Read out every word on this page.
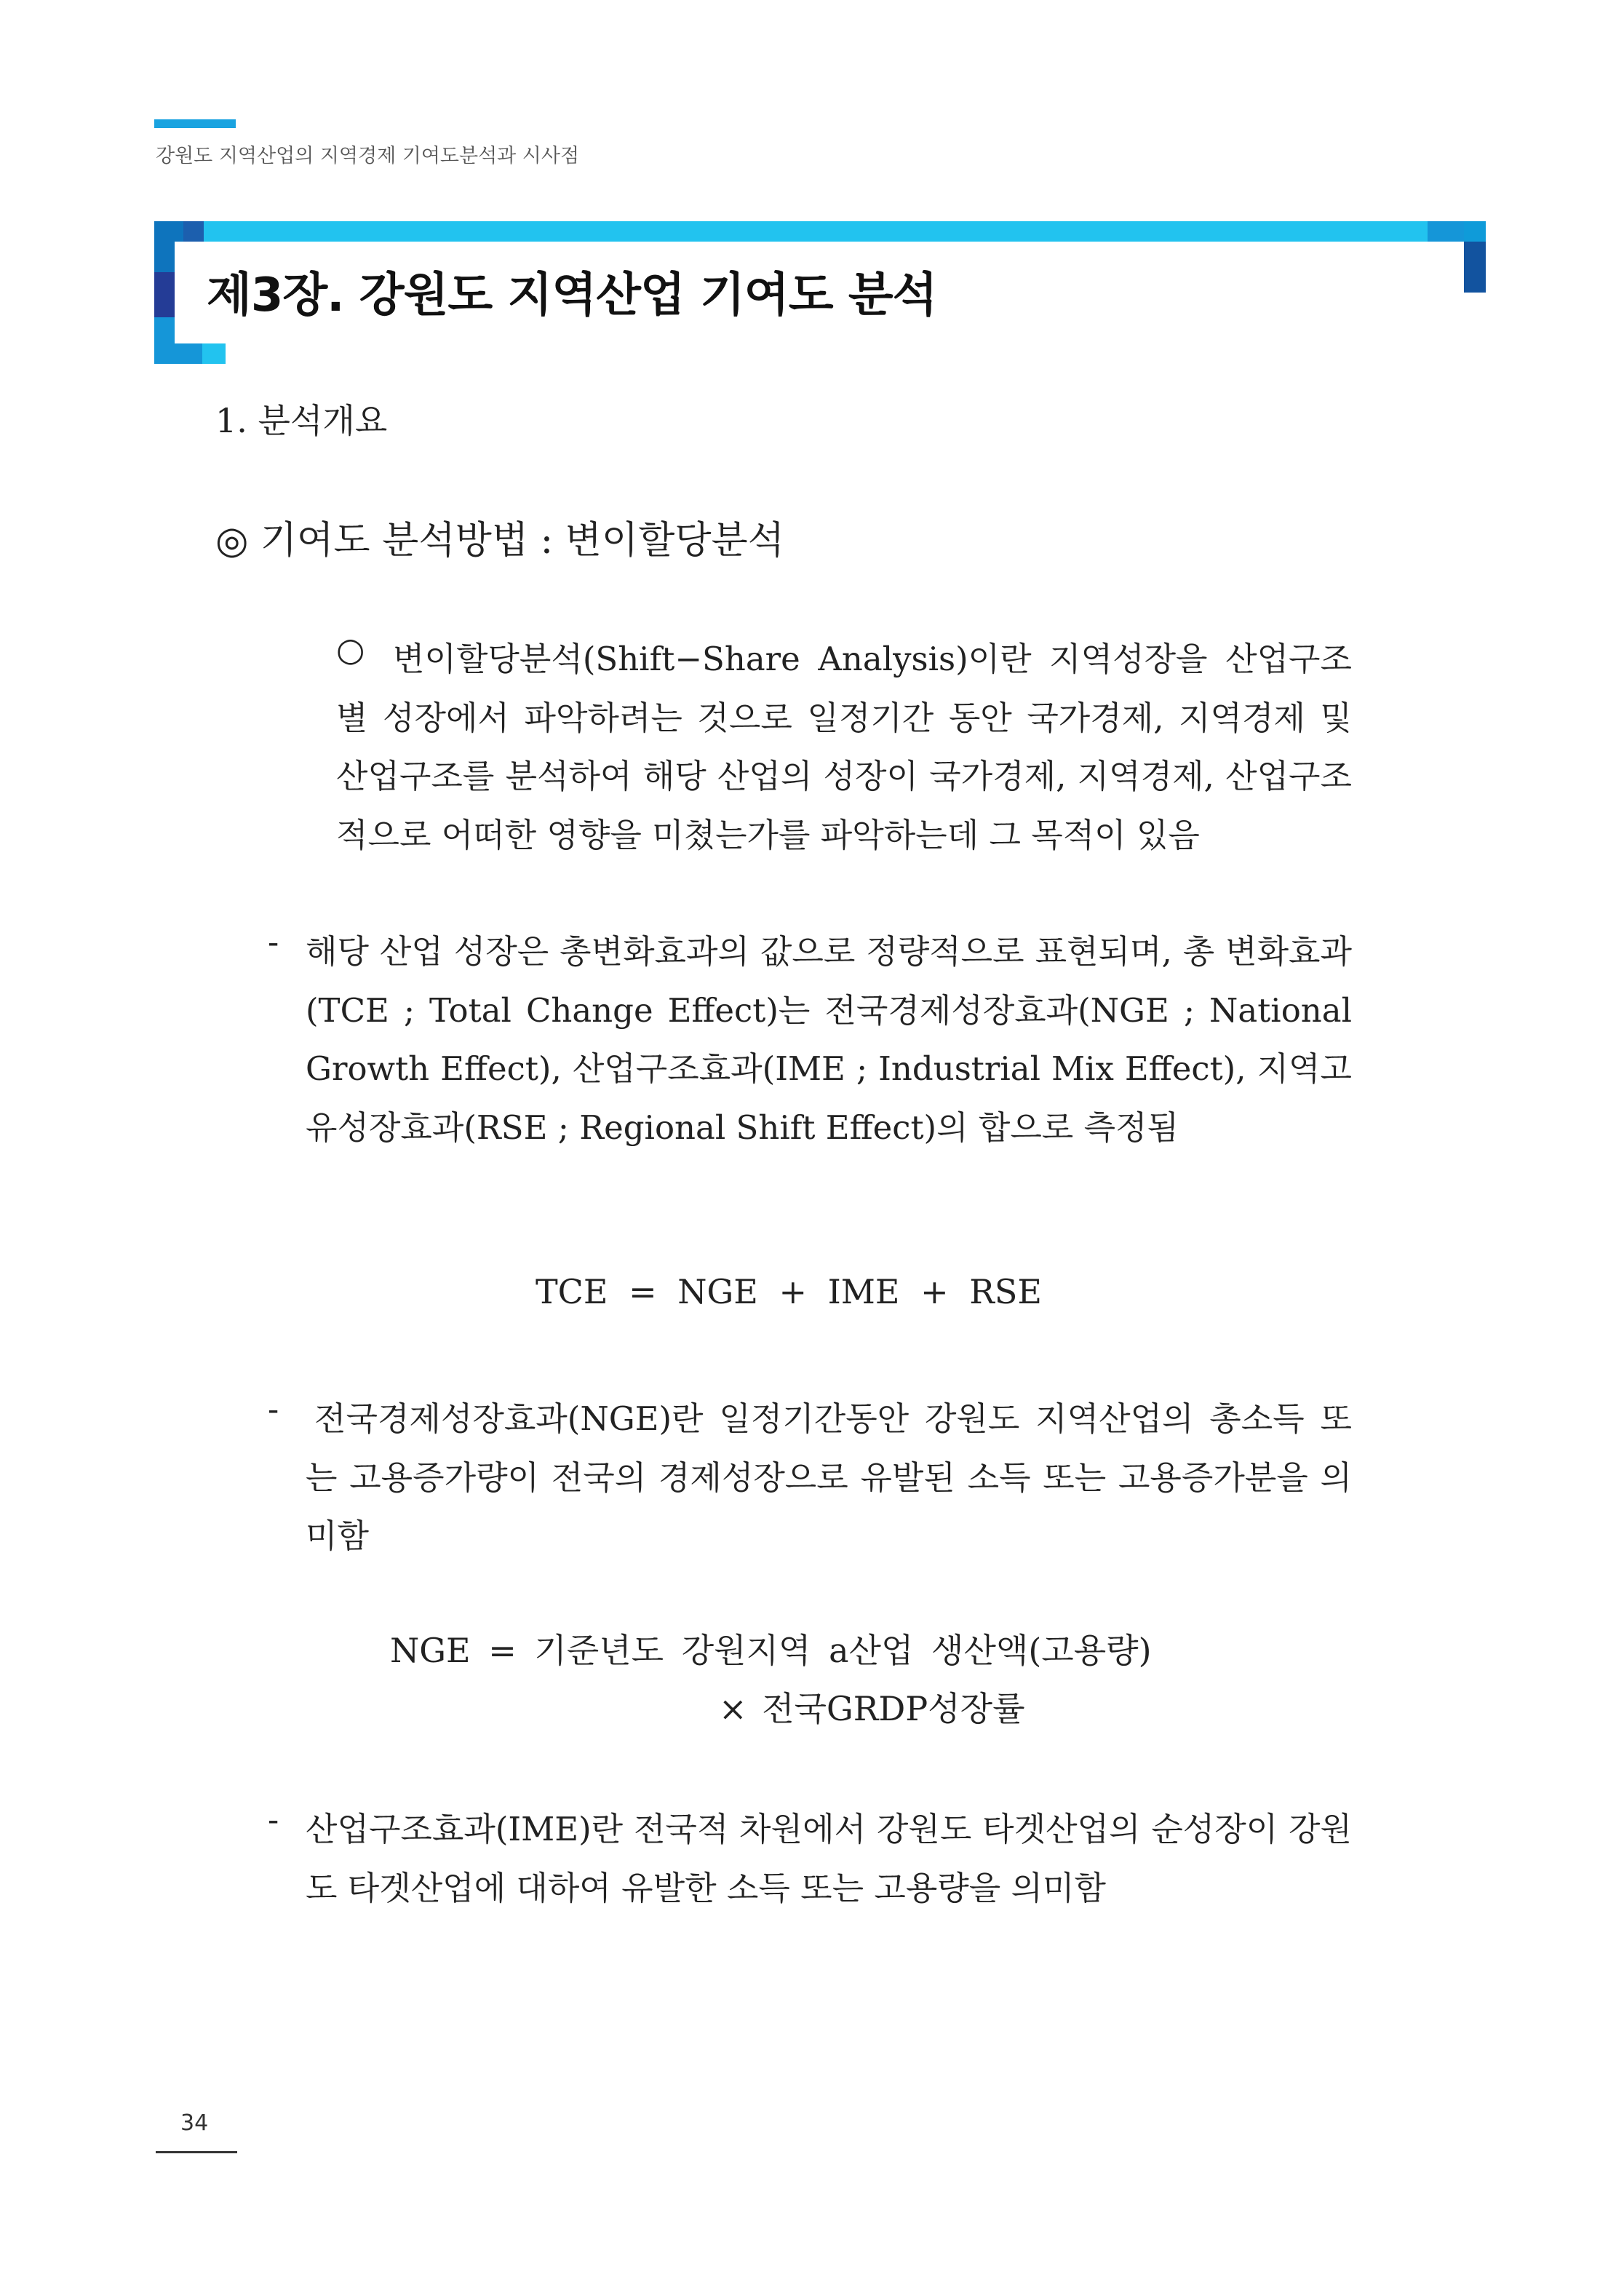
강원도 지역산업의 지역경제 기여도분석과 시사점
제3장. 강원도 지역산업 기여도 분석
1. 분석개요
◎ 기여도 분석방법 : 변이할당분석
○ 변이할당분석(Shift−Share Analysis)이란 지역성장을 산업구조별 성장에서 파악하려는 것으로 일정기간 동안 국가경제, 지역경제 및 산업구조를 분석하여 해당 산업의 성장이 국가경제, 지역경제, 산업구조적으로 어떠한 영향을 미쳤는가를 파악하는데 그 목적이 있음
- 해당 산업 성장은 총변화효과의 값으로 정량적으로 표현되며, 총 변화효과(TCE ; Total Change Effect)는 전국경제성장효과(NGE ; National Growth Effect), 산업구조효과(IME ; Industrial Mix Effect), 지역고유성장효과(RSE ; Regional Shift Effect)의 합으로 측정됨
TCE = NGE + IME + RSE
- 전국경제성장효과(NGE)란 일정기간동안 강원도 지역산업의 총소득 또는 고용증가량이 전국의 경제성장으로 유발된 소득 또는 고용증가분을 의미함
NGE = 기준년도 강원지역 a산업 생산액(고용량)
× 전국GRDP성장률
- 산업구조효과(IME)란 전국적 차원에서 강원도 타겟산업의 순성장이 강원도 타겟산업에 대하여 유발한 소득 또는 고용량을 의미함
34
